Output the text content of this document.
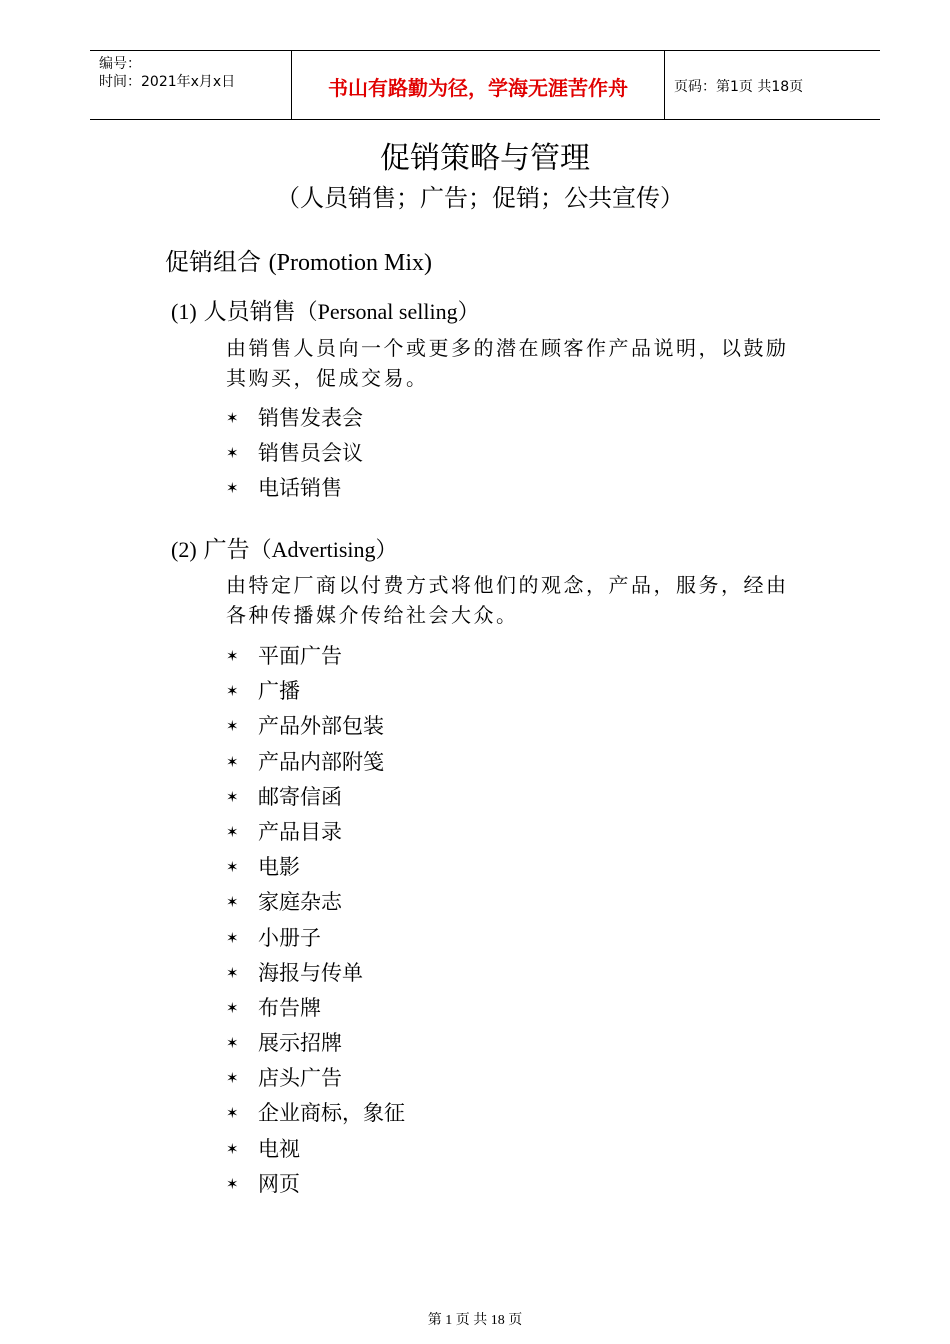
编号：
时间：2021年x月x日	书山有路勤为径，学海无涯苦作舟	页码：第1页 共18页
促销策略与管理
（人员销售；广告；促销；公共宣传）
促销组合 (Promotion Mix)
(1) 人员销售（Personal selling）
由销售人员向一个或更多的潜在顾客作产品说明，以鼓励其购买，促成交易。
✶ 销售发表会
✶ 销售员会议
✶ 电话销售
(2) 广告（Advertising）
由特定厂商以付费方式将他们的观念，产品，服务，经由各种传播媒介传给社会大众。
✶ 平面广告
✶ 广播
✶ 产品外部包装
✶ 产品内部附笺
✶ 邮寄信函
✶ 产品目录
✶ 电影
✶ 家庭杂志
✶ 小册子
✶ 海报与传单
✶ 布告牌
✶ 展示招牌
✶ 店头广告
✶ 企业商标，象征
✶ 电视
✶ 网页
第 1 页 共 18 页
